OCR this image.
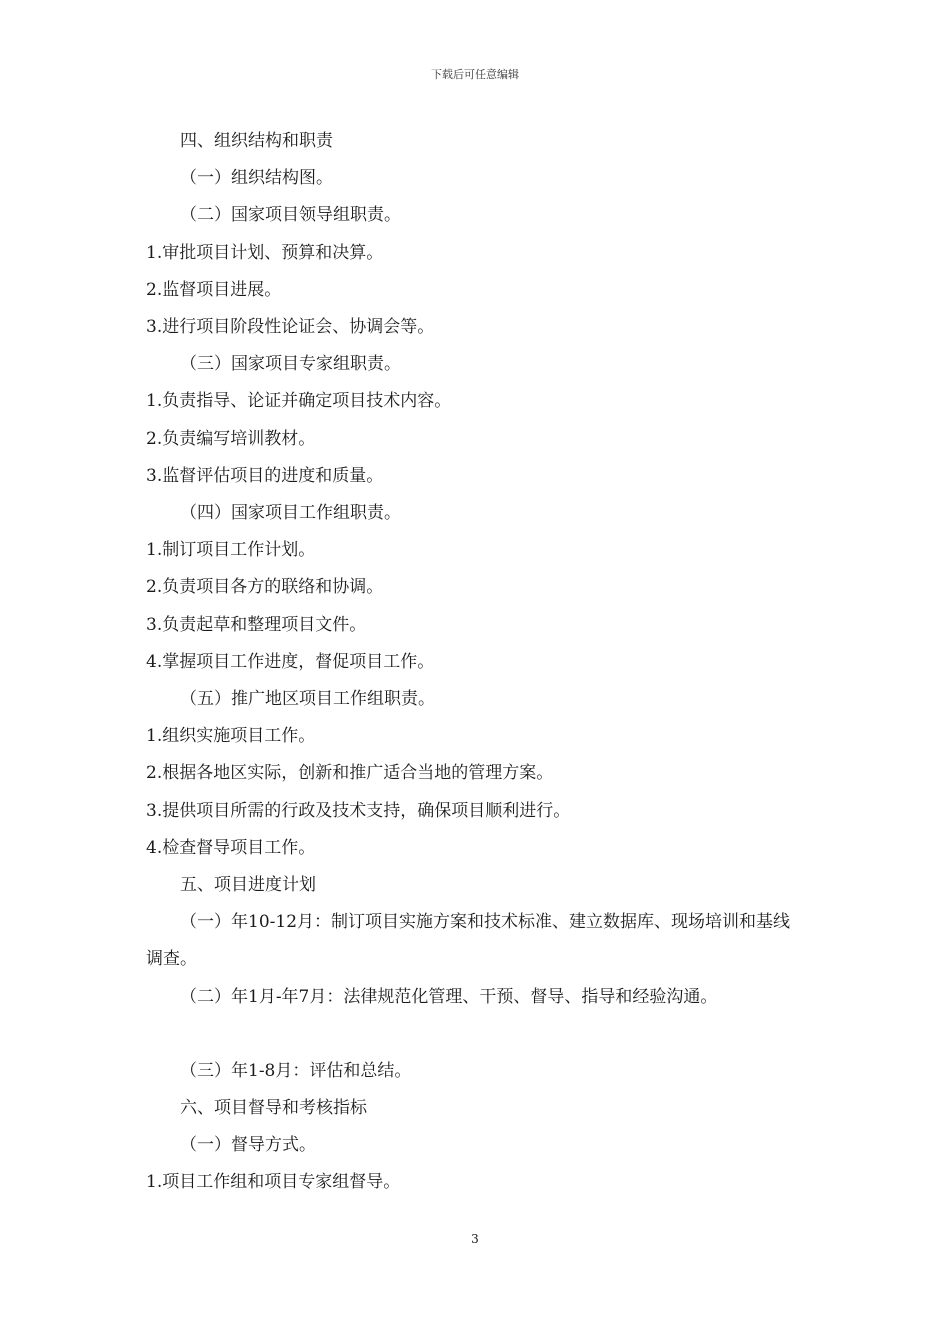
下载后可任意编辑

四、组织结构和职责

（一）组织结构图。

（二）国家项目领导组职责。

1.审批项目计划、预算和决算。

2.监督项目进展。

3.进行项目阶段性论证会、协调会等。

（三）国家项目专家组职责。

1.负责指导、论证并确定项目技术内容。

2.负责编写培训教材。

3.监督评估项目的进度和质量。

（四）国家项目工作组职责。

1.制订项目工作计划。

2.负责项目各方的联络和协调。

3.负责起草和整理项目文件。

4.掌握项目工作进度，督促项目工作。

（五）推广地区项目工作组职责。

1.组织实施项目工作。

2.根据各地区实际，创新和推广适合当地的管理方案。

3.提供项目所需的行政及技术支持，确保项目顺利进行。

4.检查督导项目工作。

五、项目进度计划

（一）年10-12月：制订项目实施方案和技术标准、建立数据库、现场培训和基线调查。

（二）年1月-年7月：法律规范化管理、干预、督导、指导和经验沟通。

（三）年1-8月：评估和总结。

六、项目督导和考核指标

（一）督导方式。

1.项目工作组和项目专家组督导。

3
